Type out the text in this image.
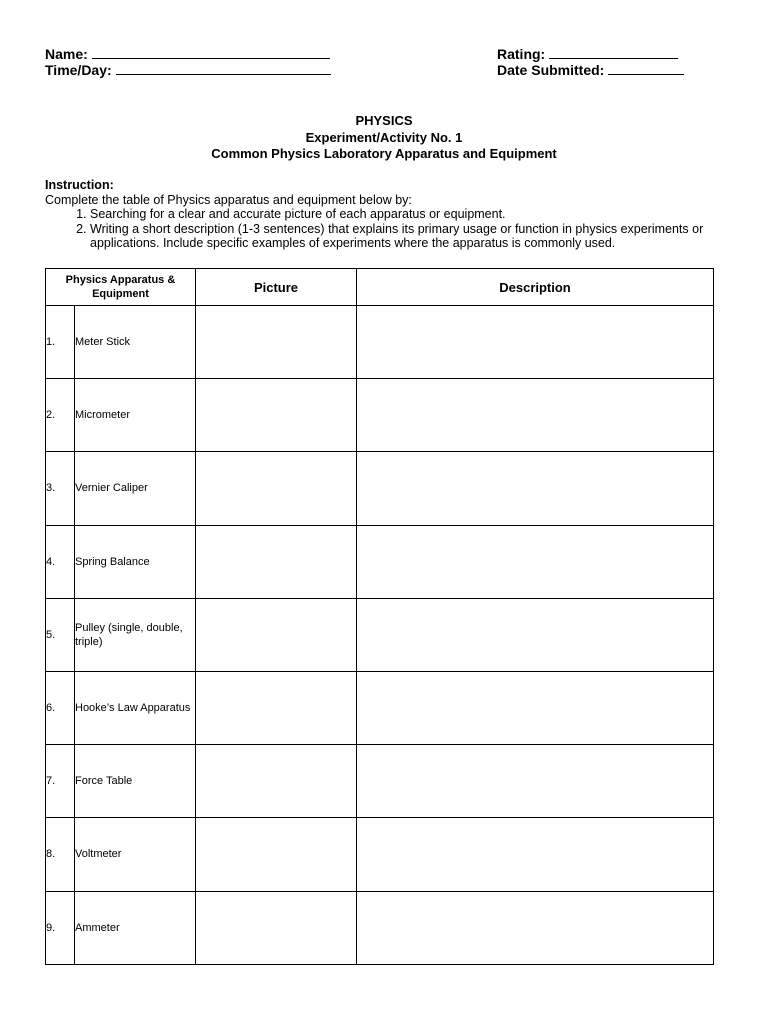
Name:
Time/Day:
Rating:
Date Submitted:
PHYSICS
Experiment/Activity No. 1
Common Physics Laboratory Apparatus and Equipment
Instruction:
Complete the table of Physics apparatus and equipment below by:
1. Searching for a clear and accurate picture of each apparatus or equipment.
2. Writing a short description (1-3 sentences) that explains its primary usage or function in physics experiments or applications. Include specific examples of experiments where the apparatus is commonly used.
Physics Apparatus & Equipment		Picture	Description
1.	Meter Stick		
2.	Micrometer		
3.	Vernier Caliper		
4.	Spring Balance		
5.	Pulley (single, double, triple)		
6.	Hooke’s Law Apparatus		
7.	Force Table		
8.	Voltmeter		
9.	Ammeter		
